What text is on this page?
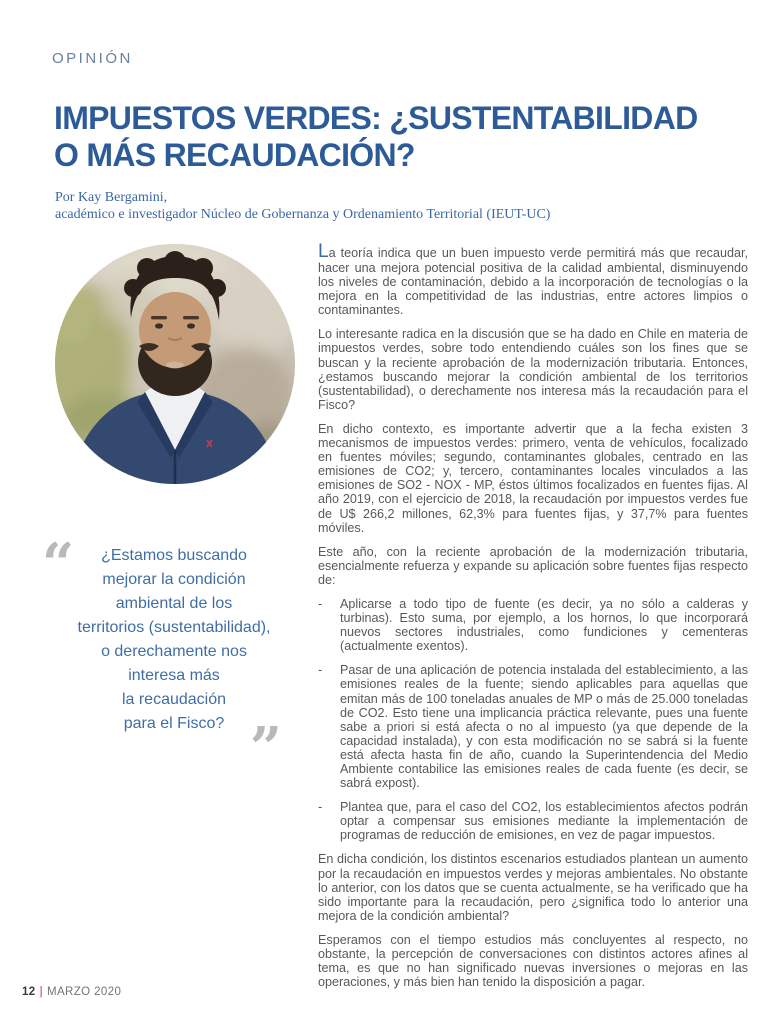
OPINIÓN
IMPUESTOS VERDES: ¿SUSTENTABILIDAD
O MÁS RECAUDACIÓN?
Por Kay Bergamini,
académico e investigador Núcleo de Gobernanza y Ordenamiento Territorial (IEUT-UC)
“	¿Estamos buscando
mejorar la condición
ambiental de los
territorios (sustentabilidad),
o derechamente nos
interesa más
la recaudación
para el Fisco? ”

La teoría indica que un buen impuesto verde permitirá más que recaudar, hacer una mejora potencial positiva de la calidad ambiental, disminuyendo los niveles de contaminación, debido a la incorporación de tecnologías o la mejora en la competitividad de las industrias, entre actores limpios o contaminantes.

Lo interesante radica en la discusión que se ha dado en Chile en materia de impuestos verdes, sobre todo entendiendo cuáles son los fines que se buscan y la reciente aprobación de la modernización tributaria. Entonces, ¿estamos buscando mejorar la condición ambiental de los territorios (sustentabilidad), o derechamente nos interesa más la recaudación para el Fisco?

En dicho contexto, es importante advertir que a la fecha existen 3 mecanismos de impuestos verdes: primero, venta de vehículos, focalizado en fuentes móviles; segundo, contaminantes globales, centrado en las emisiones de CO2; y, tercero, contaminantes locales vinculados a las emisiones de SO2 - NOX - MP, éstos últimos focalizados en fuentes fijas. Al año 2019, con el ejercicio de 2018, la recaudación por impuestos verdes fue de U$ 266,2 millones, 62,3% para fuentes fijas, y 37,7% para fuentes móviles.

Este año, con la reciente aprobación de la modernización tributaria, esencialmente refuerza y expande su aplicación sobre fuentes fijas respecto de:

-	Aplicarse a todo tipo de fuente (es decir, ya no sólo a calderas y turbinas). Esto suma, por ejemplo, a los hornos, lo que incorporará nuevos sectores industriales, como fundiciones y cementeras (actualmente exentos).
-	Pasar de una aplicación de potencia instalada del establecimiento, a las emisiones reales de la fuente; siendo aplicables para aquellas que emitan más de 100 toneladas anuales de MP o más de 25.000 toneladas de CO2. Esto tiene una implicancia práctica relevante, pues una fuente sabe a priori si está afecta o no al impuesto (ya que depende de la capacidad instalada), y con esta modificación no se sabrá si la fuente está afecta hasta fin de año, cuando la Superintendencia del Medio Ambiente contabilice las emisiones reales de cada fuente (es decir, se sabrá expost).
-	Plantea que, para el caso del CO2, los establecimientos afectos podrán optar a compensar sus emisiones mediante la implementación de programas de reducción de emisiones, en vez de pagar impuestos.

En dicha condición, los distintos escenarios estudiados plantean un aumento por la recaudación en impuestos verdes y mejoras ambientales. No obstante lo anterior, con los datos que se cuenta actualmente, se ha verificado que ha sido importante para la recaudación, pero ¿significa todo lo anterior una mejora de la condición ambiental?

Esperamos con el tiempo estudios más concluyentes al respecto, no obstante, la percepción de conversaciones con distintos actores afines al tema, es que no han significado nuevas inversiones o mejoras en las operaciones, y más bien han tenido la disposición a pagar.

12 | MARZO 2020
